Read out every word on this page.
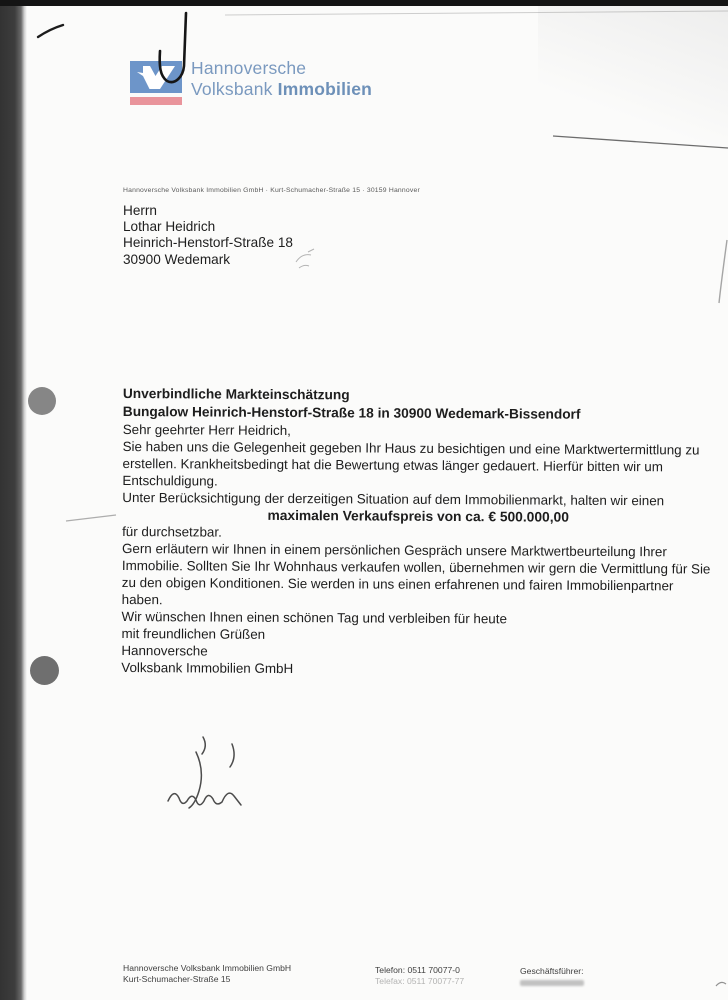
Hannoversche
Volksbank Immobilien
Hannoversche Volksbank Immobilien GmbH · Kurt-Schumacher-Straße 15 · 30159 Hannover
Herrn
Lothar Heidrich
Heinrich-Henstorf-Straße 18
30900 Wedemark

Unverbindliche Markteinschätzung

Bungalow Heinrich-Henstorf-Straße 18 in 30900 Wedemark-Bissendorf

Sehr geehrter Herr Heidrich,

Sie haben uns die Gelegenheit gegeben Ihr Haus zu besichtigen und eine Marktwertermittlung zu erstellen. Krankheitsbedingt hat die Bewertung etwas länger gedauert. Hierfür bitten wir um Entschuldigung.

Unter Berücksichtigung der derzeitigen Situation auf dem Immobilienmarkt, halten wir einen

maximalen Verkaufspreis von ca. € 500.000,00

für durchsetzbar.

Gern erläutern wir Ihnen in einem persönlichen Gespräch unsere Marktwertbeurteilung Ihrer Immobilie. Sollten Sie Ihr Wohnhaus verkaufen wollen, übernehmen wir gern die Vermittlung für Sie zu den obigen Konditionen. Sie werden in uns einen erfahrenen und fairen Immobilienpartner haben.

Wir wünschen Ihnen einen schönen Tag und verbleiben für heute

mit freundlichen Grüßen

Hannoversche
Volksbank Immobilien GmbH

Hannoversche Volksbank Immobilien GmbH
Kurt-Schumacher-Straße 15
Telefon: 0511 70077-0
Telefax: 0511 70077-77
Geschäftsführer:
